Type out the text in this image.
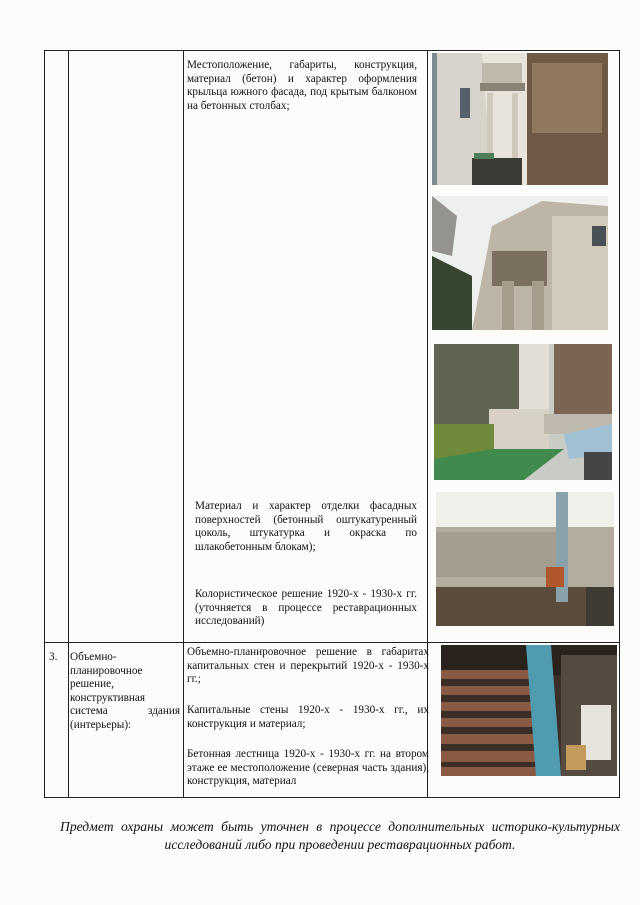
Местоположение, габариты, конструкция, материал (бетон) и характер оформления крыльца южного фасада, под крытым балконом на бетонных столбах;
Материал и характер отделки фасадных поверхностей (бетонный оштукатуренный цоколь, штукатурка и окраска по шлакобетонным блокам);
Колористическое решение 1920-х - 1930-х гг. (уточняется в процессе реставрационных исследований)
3.	Объемно-планировочное решение, конструктивная система здания (интерьеры):
Объемно-планировочное решение в габаритах капитальных стен и перекрытий 1920-х - 1930-х гг.;
Капитальные стены 1920-х - 1930-х гг., их конструкция и материал;
Бетонная лестница 1920-х - 1930-х гг. на втором этаже ее местоположение (северная часть здания), конструкция, материал
Предмет охраны может быть уточнен в процессе дополнительных историко-культурных исследований либо при проведении реставрационных работ.
